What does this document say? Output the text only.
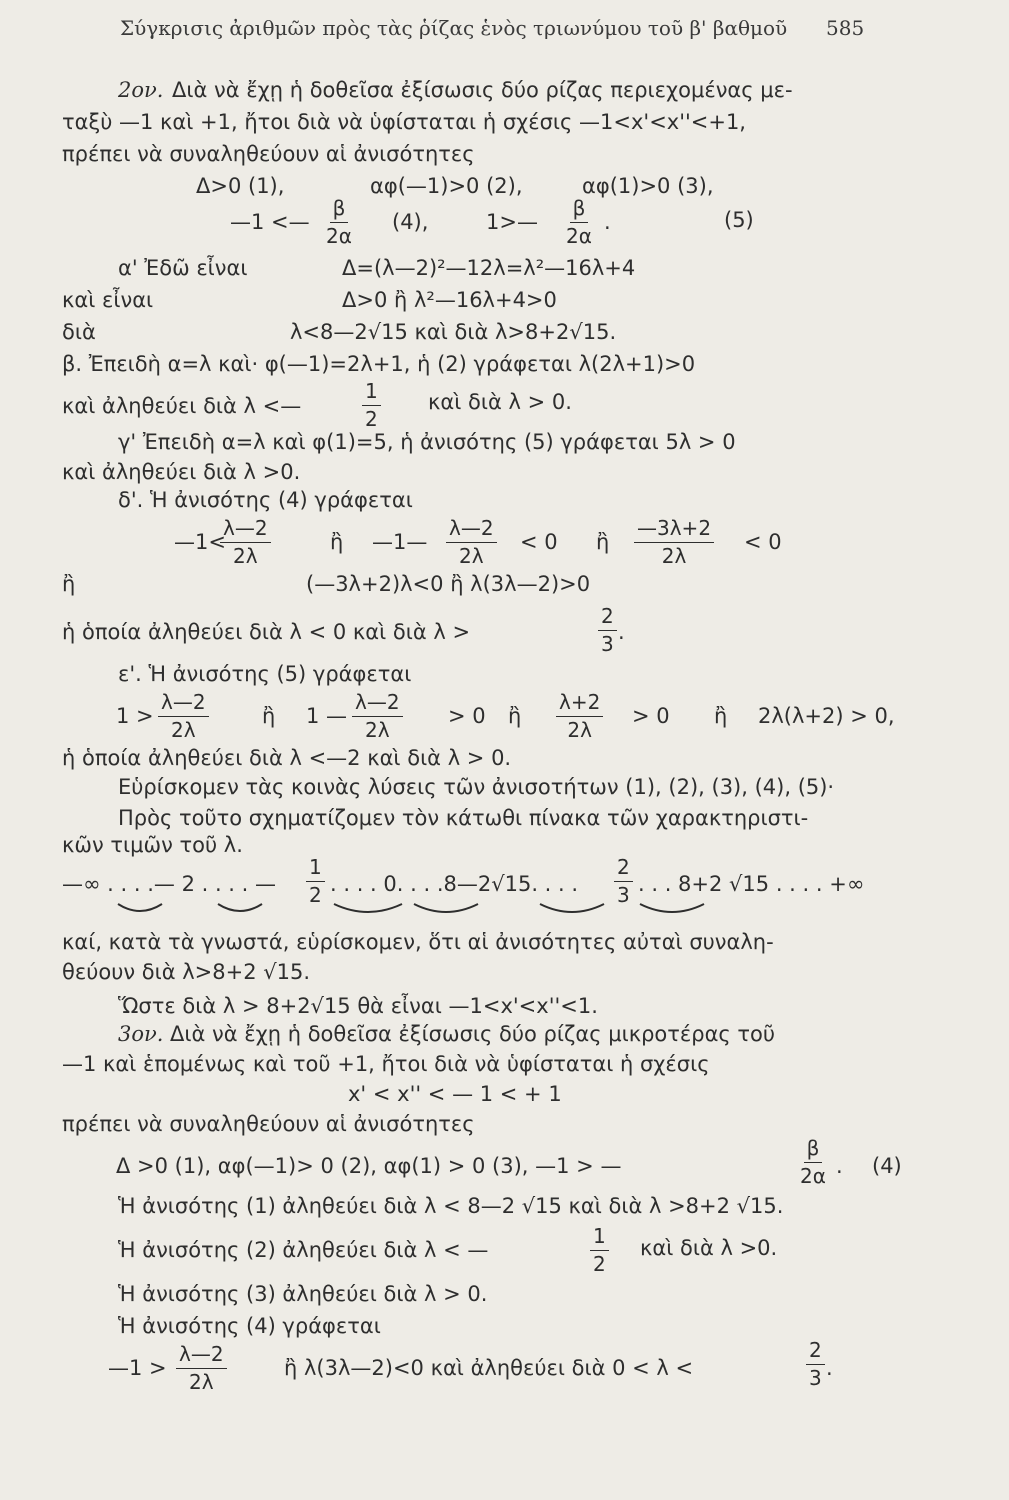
Σύγκρισις ἀριθμῶν πρὸς τὰς ῥίζας ἑνὸς τριωνύμου τοῦ β' βαθμοῦ 585
2ον. Διὰ νὰ ἔχῃ ἡ δοθεῖσα ἐξίσωσις δύο ρίζας περιεχομένας με-
ταξὺ —1 καὶ +1, ἤτοι διὰ νὰ ὑφίσταται ἡ σχέσις —1<x'<x''<+1,
πρέπει νὰ συναληθεύουν αἱ ἀνισότητες
Δ>0 (1),	αφ(—1)>0 (2),	αφ(1)>0 (3),
—1 <— $\frac{\beta}{2\alpha} (4)$,	1>— $\frac{\beta}{2\alpha}$ .	(5)
α' Ἐδῶ εἶναι	Δ=(λ—2)²—12λ=λ²—16λ+4
καὶ εἶναι	Δ>0 ἢ λ²—16λ+4>0
διὰ	λ<8—2√15 καὶ διὰ λ>8+2√15.
β. Ἐπειδὴ α=λ καὶ· φ(—1)=2λ+1, ἡ (2) γράφεται λ(2λ+1)>0
καὶ ἀληθεύει διὰ λ <—	$\frac{1}{2}$ καὶ διὰ λ > 0.
γ' Ἐπειδὴ α=λ καὶ φ(1)=5, ἡ ἀνισότης (5) γράφεται 5λ > 0
καὶ ἀληθεύει διὰ λ >0.
δ'. Ἡ ἀνισότης (4) γράφεται
—1<
$\frac{\lambda—2}{2\lambda}$	ἢ —1— $\frac{\lambda—2}{2\lambda} < 0$ ἢ $\frac{—3\lambda+2}{2\lambda} < 0$
ἢ	(—3λ+2)λ<0 ἢ λ(3λ—2)>0
ἡ ὁποία ἀληθεύει διὰ λ < 0 καὶ διὰ λ >	$\frac{2}{3}$ .
ε'. Ἡ ἀνισότης (5) γράφεται
$1 > \frac{\lambda—2}{2\lambda}$	ἢ 1 — $\frac{\lambda—2}{2\lambda} > 0$ ἢ $\frac{\lambda+2}{2\lambda} > 0$ ἢ 2λ(λ+2) > 0,
ἡ ὁποία ἀληθεύει διὰ λ <—2 καὶ διὰ λ > 0.
Εὑρίσκομεν τὰς κοινὰς λύσεις τῶν ἀνισοτήτων (1), (2), (3), (4), (5)·
Πρὸς τοῦτο σχηματίζομεν τὸν κάτωθι πίνακα τῶν χαρακτηριστι-
κῶν τιμῶν τοῦ λ.
—∞ . . . .— 2 . . . . — $\frac{1}{2}$ . . . . 0. . . .8—2√15. . . . $\frac{2}{3}$ . . . 8+2 √15 . . . . +∞
καί, κατὰ τὰ γνωστά, εὑρίσκομεν, ὅτι αἱ ἀνισότητες αὐταὶ συναλη-
θεύουν διὰ λ>8+2 √15.
Ὥστε διὰ λ > 8+2√15 θὰ εἶναι —1<x'<x''<1.
3ον. Διὰ νὰ ἔχῃ ἡ δοθεῖσα ἐξίσωσις δύο ρίζας μικροτέρας τοῦ
—1 καὶ ἑπομένως καὶ τοῦ +1, ἤτοι διὰ νὰ ὑφίσταται ἡ σχέσις
x' < x'' < — 1 < + 1
πρέπει νὰ συναληθεύουν αἱ ἀνισότητες
Δ >0 (1), αφ(—1)> 0 (2), αφ(1) > 0 (3), —1 > —	$\frac{\beta}{2\alpha}$ . (4)
Ἡ ἀνισότης (1) ἀληθεύει διὰ λ < 8—2 √15 καὶ διὰ λ >8+2 √15.
Ἡ ἀνισότης (2) ἀληθεύει διὰ λ < —	$\frac{1}{2}$ καὶ διὰ λ >0.
Ἡ ἀνισότης (3) ἀληθεύει διὰ λ > 0.
Ἡ ἀνισότης (4) γράφεται
—1 > $\frac{\lambda—2}{2\lambda}$	ἢ λ(3λ—2)<0 καὶ ἀληθεύει διὰ 0 < λ <	$\frac{2}{3}$ .
